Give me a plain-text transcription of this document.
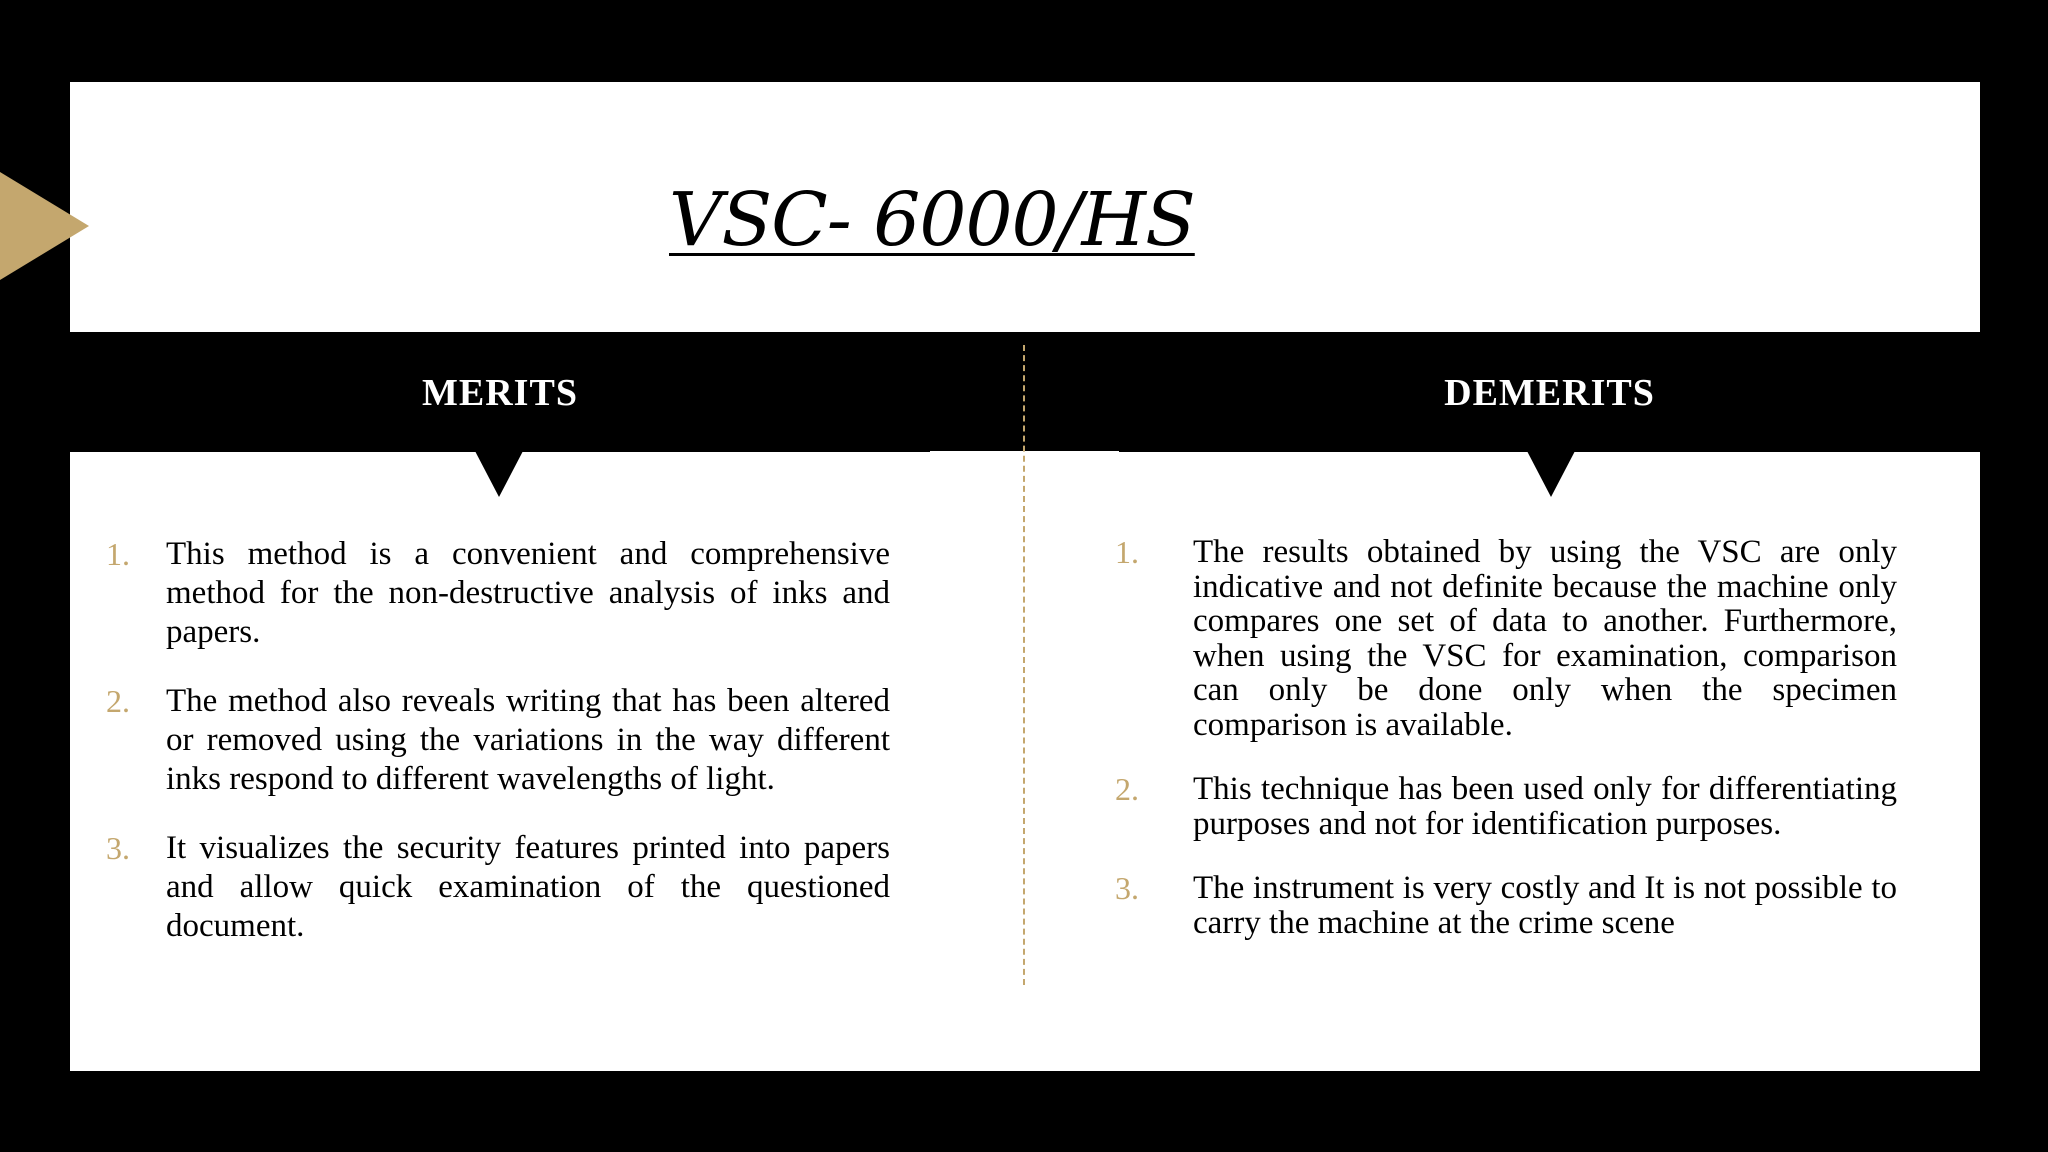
VSC- 6000/HS
MERITS	DEMERITS
1.	This method is a convenient and comprehensive method for the non-destructive analysis of inks and papers.
2.	The method also reveals writing that has been altered or removed using the variations in the way different inks respond to different wavelengths of light.
3.	It visualizes the security features printed into papers and allow quick examination of the questioned document.
1.	The results obtained by using the VSC are only indicative and not definite because the machine only compares one set of data to another. Furthermore, when using the VSC for examination, comparison can only be done only when the specimen comparison is available.
2.	This technique has been used only for differentiating purposes and not for identification purposes.
3.	The instrument is very costly and It is not possible to carry the machine at the crime scene
